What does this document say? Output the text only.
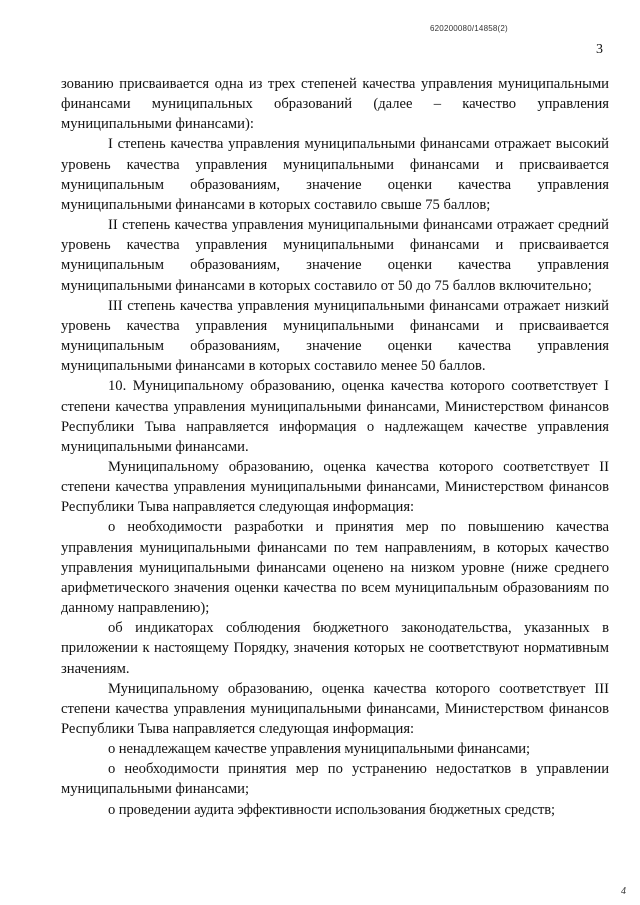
620200080/14858(2)
3

зованию присваивается одна из трех степеней качества управления муниципальными финансами муниципальных образований (далее – качество управления муниципальными финансами):

I степень качества управления муниципальными финансами отражает высокий уровень качества управления муниципальными финансами и присваивается муниципальным образованиям, значение оценки качества управления муниципальными финансами в которых составило свыше 75 баллов;

II степень качества управления муниципальными финансами отражает средний уровень качества управления муниципальными финансами и присваивается муниципальным образованиям, значение оценки качества управления муниципальными финансами в которых составило от 50 до 75 баллов включительно;

III степень качества управления муниципальными финансами отражает низкий уровень качества управления муниципальными финансами и присваивается муниципальным образованиям, значение оценки качества управления муниципальными финансами в которых составило менее 50 баллов.

10. Муниципальному образованию, оценка качества которого соответствует I степени качества управления муниципальными финансами, Министерством финансов Республики Тыва направляется информация о надлежащем качестве управления муниципальными финансами.

Муниципальному образованию, оценка качества которого соответствует II степени качества управления муниципальными финансами, Министерством финансов Республики Тыва направляется следующая информация:

о необходимости разработки и принятия мер по повышению качества управления муниципальными финансами по тем направлениям, в которых качество управления муниципальными финансами оценено на низком уровне (ниже среднего арифметического значения оценки качества по всем муниципальным образованиям по данному направлению);

об индикаторах соблюдения бюджетного законодательства, указанных в приложении к настоящему Порядку, значения которых не соответствуют нормативным значениям.

Муниципальному образованию, оценка качества которого соответствует III степени качества управления муниципальными финансами, Министерством финансов Республики Тыва направляется следующая информация:

о ненадлежащем качестве управления муниципальными финансами;

о необходимости принятия мер по устранению недостатков в управлении муниципальными финансами;

о проведении аудита эффективности использования бюджетных средств;

4
